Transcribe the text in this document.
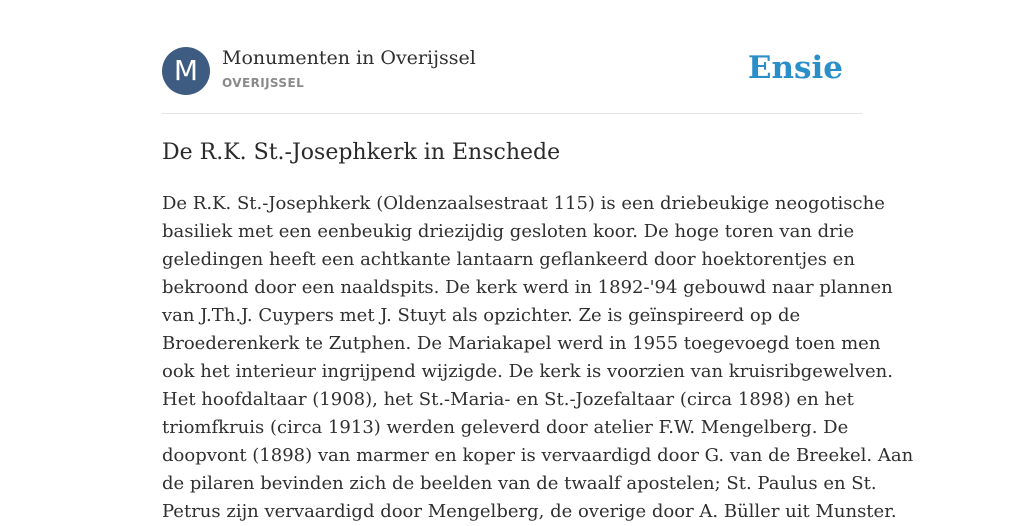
M	Monumenten in Overijssel
OVERIJSSEL	Ensie
De R.K. St.-Josephkerk in Enschede
De R.K. St.-Josephkerk (Oldenzaalsestraat 115) is een driebeukige neogotische
basiliek met een eenbeukig driezijdig gesloten koor. De hoge toren van drie
geledingen heeft een achtkante lantaarn geflankeerd door hoektorentjes en
bekroond door een naaldspits. De kerk werd in 1892-'94 gebouwd naar plannen
van J.Th.J. Cuypers met J. Stuyt als opzichter. Ze is geïnspireerd op de
Broederenkerk te Zutphen. De Mariakapel werd in 1955 toegevoegd toen men
ook het interieur ingrijpend wijzigde. De kerk is voorzien van kruisribgewelven.
Het hoofdaltaar (1908), het St.-Maria- en St.-Jozefaltaar (circa 1898) en het
triomfkruis (circa 1913) werden geleverd door atelier F.W. Mengelberg. De
doopvont (1898) van marmer en koper is vervaardigd door G. van de Breekel. Aan
de pilaren bevinden zich de beelden van de twaalf apostelen; St. Paulus en St.
Petrus zijn vervaardigd door Mengelberg, de overige door A. Büller uit Munster.
